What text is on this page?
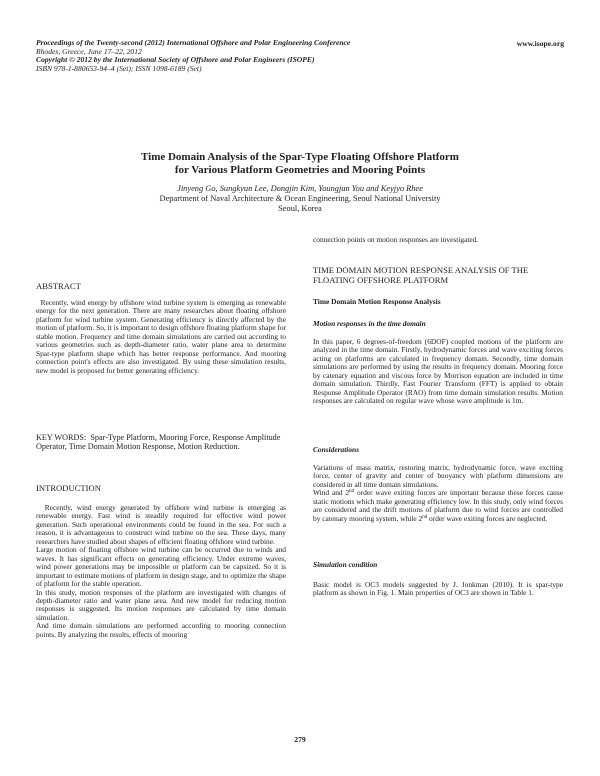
Proceedings of the Twenty-second (2012) International Offshore and Polar Engineering Conference
Rhodes, Greece, June 17–22, 2012
Copyright © 2012 by the International Society of Offshore and Polar Engineers (ISOPE)
ISBN 978-1-880653-94–4 (Set); ISSN 1098-6189 (Set)
www.isope.org
Time Domain Analysis of the Spar-Type Floating Offshore Platform
for Various Platform Geometries and Mooring Points
Jinyeng Go, Sungkyun Lee, Dongjin Kim, Youngjun You and Keyjyo Rhee
Department of Naval Architecture & Ocean Engineering, Seoul National University
Seoul, Korea
ABSTRACT

Recently, wind energy by offshore wind turbine system is emerging as renewable energy for the next generation. There are many researches about floating offshore platform for wind turbine system. Generating efficiency is directly affected by the motion of platform. So, it is important to design offshore floating platform shape for stable motion. Frequency and time domain simulations are carried out according to various geometries such as depth-diameter ratio, water plane area to determine Spar-type platform shape which has better response performance. And mooring connection point's effects are also investigated. By using these simulation results, new model is proposed for better generating efficiency.

KEY WORDS: Spar-Type Platform, Mooring Force, Response Amplitude Operator, Time Domain Motion Response, Motion Reduction.
INTRODUCTION

Recently, wind energy generated by offshore wind turbine is emerging as renewable energy. Fast wind is steadily required for effective wind power generation. Such operational environments could be found in the sea. For such a reason, it is advantageous to construct wind turbine on the sea. These days, many researchers have studied about shapes of efficient floating offshore wind turbine.

Large motion of floating offshore wind turbine can be occurred due to winds and waves. It has significant effects on generating efficiency. Under extreme waves, wind power generations may be impossible or platform can be capsized. So it is important to estimate motions of platform in design stage, and to optimize the shape of platform for the stable operation.

In this study, motion responses of the platform are investigated with changes of depth-diameter ratio and water plane area. And new model for reducing motion responses is suggested. Its motion responses are calculated by time domain simulation.

And time domain simulations are performed according to mooring connection points. By analyzing the results, effects of mooring

connection points on motion responses are investigated.

TIME DOMAIN MOTION RESPONSE ANALYSIS OF THE FLOATING OFFSHORE PLATFORM
Time Domain Motion Response Analysis
Motion responses in the time domain

In this paper, 6 degrees-of-freedom (6DOF) coupled motions of the platform are analyzed in the time domain. Firstly, hydrodynamic forces and wave exciting forces acting on platforms are calculated in frequency domain. Secondly, time domain simulations are performed by using the results in frequency domain. Mooring force by catenary equation and viscous force by Morrison equation are included in time domain simulation. Thirdly, Fast Fourier Transform (FFT) is applied to obtain Response Amplitude Operator (RAO) from time domain simulation results. Motion responses are calculated on regular wave whose wave amplitude is 1m.

Considerations

Variations of mass matrix, restoring matrix, hydrodynamic force, wave exciting force, center of gravity and center of buoyancy with platform dimensions are considered in all time domain simulations.

Wind and 2nd order wave exiting forces are important because these forces cause static motions which make generating efficiency low. In this study, only wind forces are considered and the drift motions of platform due to wind forces are controlled by catenary mooring system, while 2nd order wave exiting forces are neglected.

Simulation condition

Basic model is OC3 models suggested by J. Jonkman (2010). It is spar-type platform as shown in Fig. 1. Main properties of OC3 are shown in Table 1.

279
